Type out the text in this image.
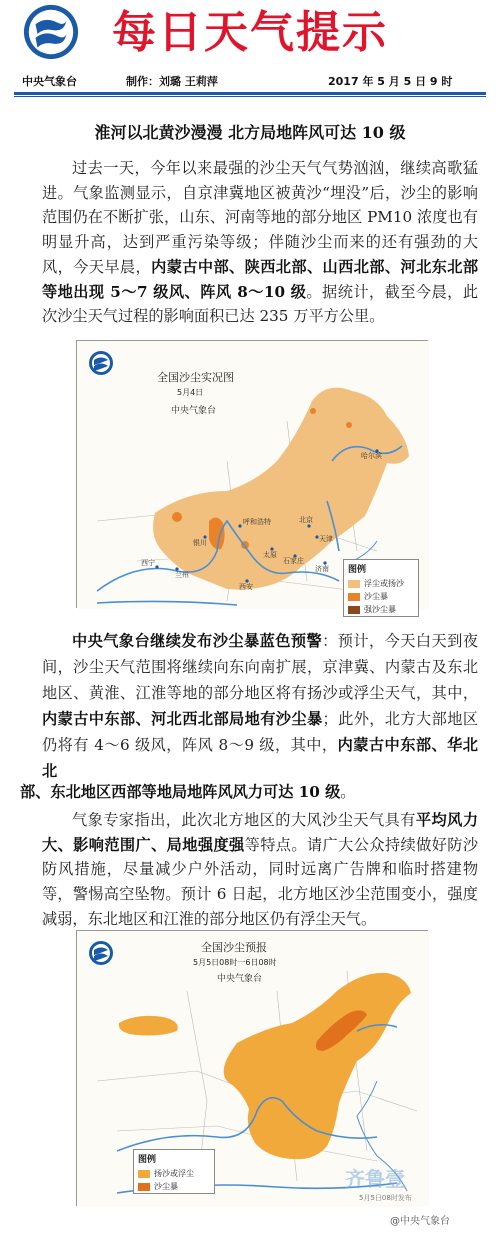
每日天气提示
中央气象台	制作：刘璐 王莉萍	2017 年 5 月 5 日 9 时
淮河以北黄沙漫漫 北方局地阵风可达 10 级
过去一天，今年以来最强的沙尘天气气势汹汹，继续高歌猛进。气象监测显示，自京津冀地区被黄沙“埋没”后，沙尘的影响范围仍在不断扩张，山东、河南等地的部分地区 PM10 浓度也有明显升高，达到严重污染等级；伴随沙尘而来的还有强劲的大风，今天早晨，内蒙古中部、陕西北部、山西北部、河北东北部等地出现 5～7 级风、阵风 8～10 级。据统计，截至今晨，此次沙尘天气过程的影响面积已达 235 万平方公里。
哈尔滨
呼和浩特	北京
天津
银川
太原
石家庄
济南
兰州
西宁
西安
全国沙尘实况图
5月4日
中央气象台
图例
浮尘或扬沙
沙尘暴
强沙尘暴
中央气象台继续发布沙尘暴蓝色预警：预计，今天白天到夜间，沙尘天气范围将继续向东向南扩展，京津冀、内蒙古及东北地区、黄淮、江淮等地的部分地区将有扬沙或浮尘天气，其中，内蒙古中东部、河北西北部局地有沙尘暴；此外，北方大部地区仍将有 4～6 级风，阵风 8～9 级，其中，内蒙古中东部、华北北
部、东北地区西部等地局地阵风风力可达 10 级。
气象专家指出，此次北方地区的大风沙尘天气具有平均风力大、影响范围广、局地强度强等特点。请广大公众持续做好防沙防风措施，尽量减少户外活动，同时远离广告牌和临时搭建物等，警惕高空坠物。预计 6 日起，北方地区沙尘范围变小，强度减弱，东北地区和江淮的部分地区仍有浮尘天气。
全国沙尘预报
5月5日08时一6日08时
中央气象台
图例
扬沙或浮尘
沙尘暴
5月5日08时发布
齐鲁壹
@中央气象台
